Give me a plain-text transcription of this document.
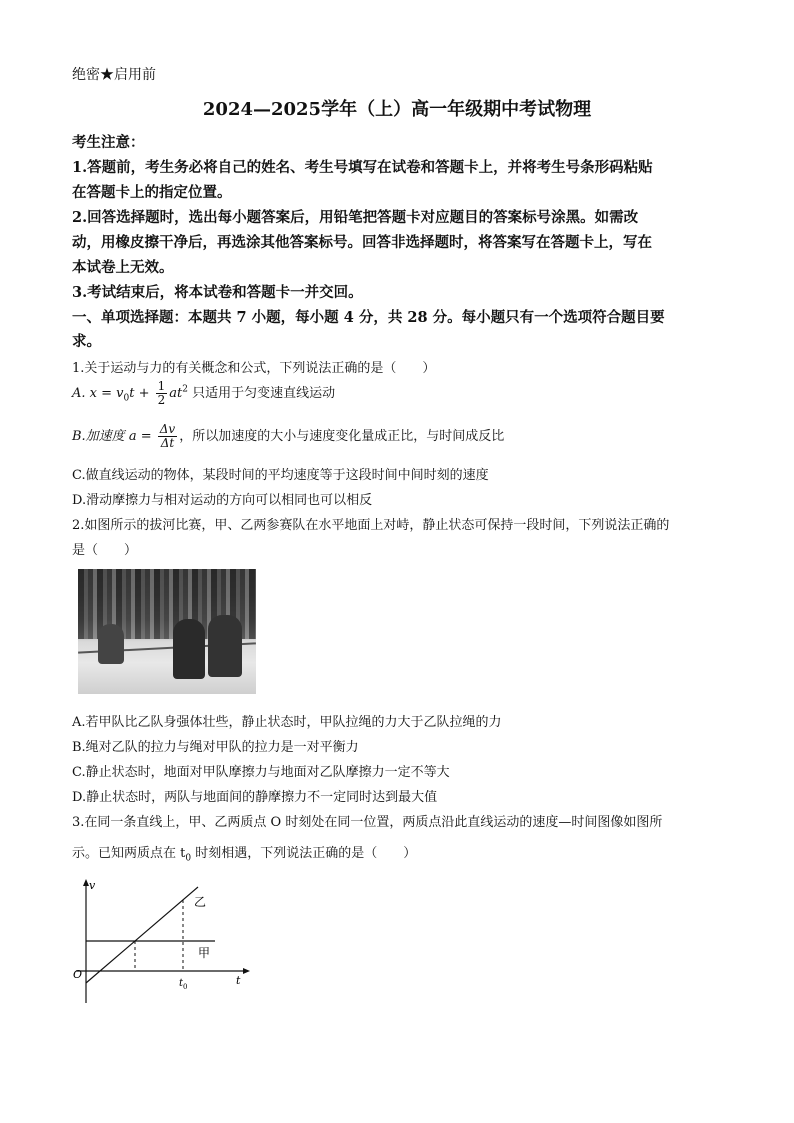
绝密★启用前
2024—2025学年（上）高一年级期中考试物理
考生注意：
1.答题前，考生务必将自己的姓名、考生号填写在试卷和答题卡上，并将考生号条形码粘贴
在答题卡上的指定位置。
2.回答选择题时，选出每小题答案后，用铅笔把答题卡对应题目的答案标号涂黑。如需改
动，用橡皮擦干净后，再选涂其他答案标号。回答非选择题时，将答案写在答题卡上，写在
本试卷上无效。
3.考试结束后，将本试卷和答题卡一并交回。
一、单项选择题：本题共 7 小题，每小题 4 分，共 28 分。每小题只有一个选项符合题目要
求。
1.关于运动与力的有关概念和公式，下列说法正确的是（　　）
A. $x = v_0t + \frac{1}{2} at^2$ 只适用于匀变速直线运动
B.加速度 $a = \frac{\Delta v}{\Delta t}$ ，所以加速度的大小与速度变化量成正比，与时间成反比
C.做直线运动的物体，某段时间的平均速度等于这段时间中间时刻的速度
D.滑动摩擦力与相对运动的方向可以相同也可以相反
2.如图所示的拔河比赛，甲、乙两参赛队在水平地面上对峙，静止状态可保持一段时间，下列说法正确的
是（　　）
A.若甲队比乙队身强体壮些，静止状态时，甲队拉绳的力大于乙队拉绳的力
B.绳对乙队的拉力与绳对甲队的拉力是一对平衡力
C.静止状态时，地面对甲队摩擦力与地面对乙队摩擦力一定不等大
D.静止状态时，两队与地面间的静摩擦力不一定同时达到最大值
3.在同一条直线上，甲、乙两质点 O 时刻处在同一位置，两质点沿此直线运动的速度—时间图像如图所
示。已知两质点在 $t_0$ 时刻相遇，下列说法正确的是（　　）
v
t
O
乙
甲
t 0
